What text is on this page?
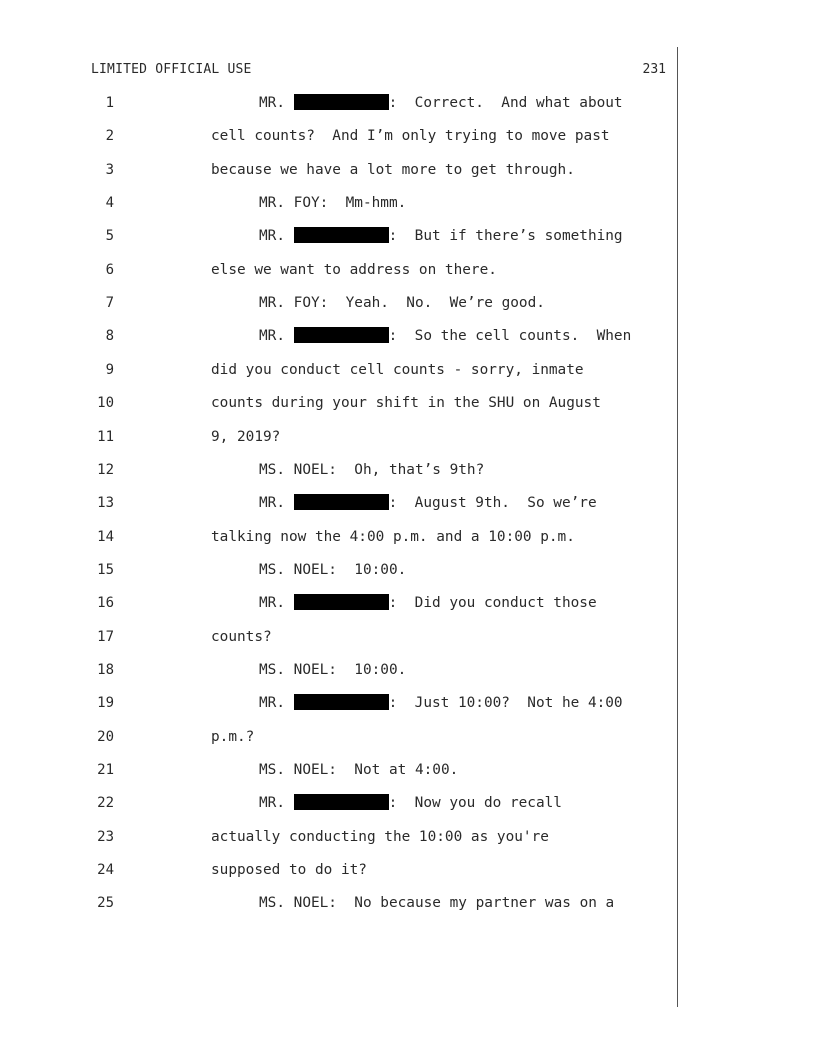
LIMITED OFFICIAL USE	231
1	MR.	:  Correct.  And what about
2	cell counts?  And I’m only trying to move past
3	because we have a lot more to get through.
4	MR. FOY:  Mm-hmm.
5	MR.	:  But if there’s something
6	else we want to address on there.
7	MR. FOY:  Yeah.  No.  We’re good.
8	MR.	:  So the cell counts.  When
9	did you conduct cell counts - sorry, inmate
10	counts during your shift in the SHU on August
11	9, 2019?
12	MS. NOEL:  Oh, that’s 9th?
13	MR.	:  August 9th.  So we’re
14	talking now the 4:00 p.m. and a 10:00 p.m.
15	MS. NOEL:  10:00.
16	MR.	:  Did you conduct those
17	counts?
18	MS. NOEL:  10:00.
19	MR.	:  Just 10:00?  Not he 4:00
20	p.m.?
21	MS. NOEL:  Not at 4:00.
22	MR.	:  Now you do recall
23	actually conducting the 10:00 as you're
24	supposed to do it?
25	MS. NOEL:  No because my partner was on a
